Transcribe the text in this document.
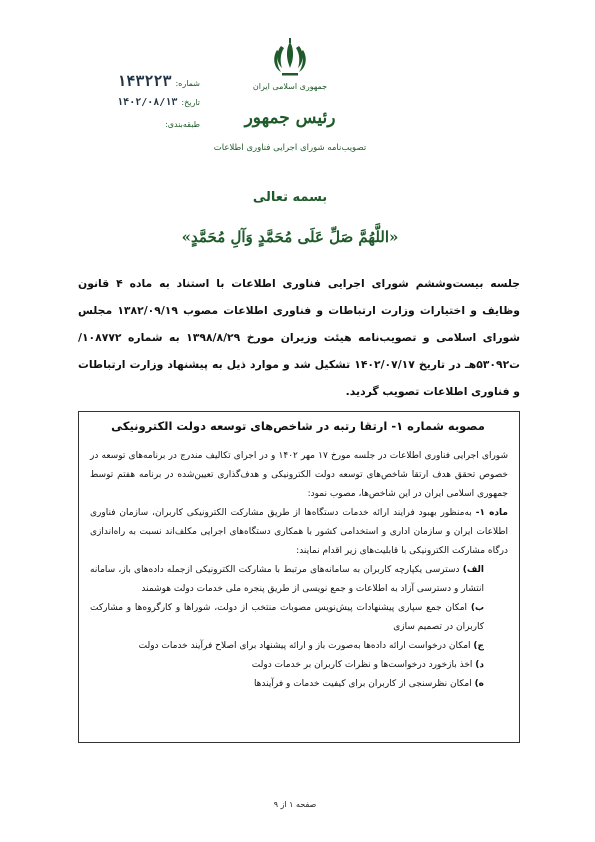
جمهوری اسلامی ایران
رئیس جمهور
تصویب‌نامه شورای اجرایی فناوری اطلاعات
شماره:
۱۴۳۲۲۳
تاریخ:
۱۴۰۲/۰۸/۱۳
طبقه‌بندی:
بسمه تعالی
«اللَّهُمَّ صَلِّ عَلَی مُحَمَّدٍ وَآلِ مُحَمَّدٍ»
جلسه بیست‌وششم شورای اجرایی فناوری اطلاعات با استناد به ماده ۴ قانون وظایف و اختیارات وزارت ارتباطات و فناوری اطلاعات مصوب ۱۳۸۲/۰۹/۱۹ مجلس شورای اسلامی و تصویب‌نامه هیئت وزیران مورخ ۱۳۹۸/۸/۲۹ به شماره ۱۰۸۷۷۲/ت۵۳۰۹۲هـ در تاریخ ۱۴۰۲/۰۷/۱۷ تشکیل شد و موارد ذیل به پیشنهاد وزارت ارتباطات و فناوری اطلاعات تصویب گردید.
مصوبه شماره ۱- ارتقا رتبه در شاخص‌های توسعه دولت الکترونیکی

شورای اجرایی فناوری اطلاعات در جلسه مورخ ۱۷ مهر ۱۴۰۲ و در اجرای تکالیف مندرج در برنامه‌های توسعه در خصوص تحقق هدف ارتقا شاخص‌های توسعه دولت الکترونیکی و هدف‌گذاری تعیین‌شده در برنامه هفتم توسط جمهوری اسلامی ایران در این شاخص‌ها، مصوب نمود:

ماده ۱- به‌منظور بهبود فرایند ارائه خدمات دستگاه‌ها از طریق مشارکت الکترونیکی کاربران، سازمان فناوری اطلاعات ایران و سازمان اداری و استخدامی کشور با همکاری دستگاه‌های اجرایی مکلف‌اند نسبت به راه‌اندازی درگاه مشارکت الکترونیکی با قابلیت‌های زیر اقدام نمایند:

الف) دسترسی یکپارچه کاربران به سامانه‌های مرتبط با مشارکت الکترونیکی ازجمله داده‌های باز، سامانه انتشار و دسترسی آزاد به اطلاعات و جمع نویسی از طریق پنجره ملی خدمات دولت هوشمند

ب) امکان جمع سپاری پیشنهادات پیش‌نویس مصوبات منتخب از دولت، شوراها و کارگروه‌ها و مشارکت کاربران در تصمیم سازی

ج) امکان درخواست ارائه داده‌ها به‌صورت باز و ارائه پیشنهاد برای اصلاح فرآیند خدمات دولت

د) اخذ بازخورد درخواست‌ها و نظرات کاربران بر خدمات دولت

ه) امکان نظرسنجی از کاربران برای کیفیت خدمات و فرآیندها

صفحه ۱ از ۹
